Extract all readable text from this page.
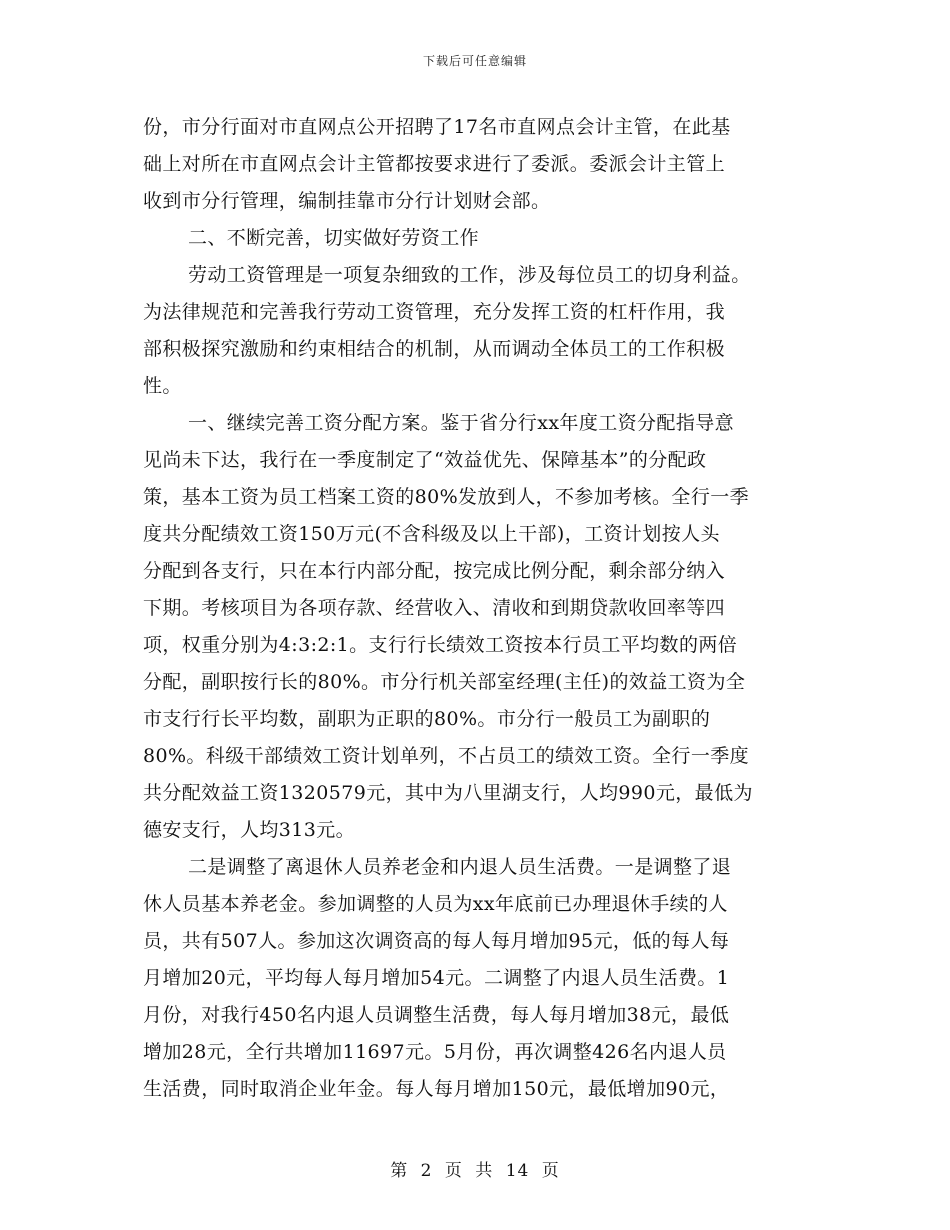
下载后可任意编辑
份，市分行面对市直网点公开招聘了17名市直网点会计主管，在此基
础上对所在市直网点会计主管都按要求进行了委派。委派会计主管上
收到市分行管理，编制挂靠市分行计划财会部。
二、不断完善，切实做好劳资工作
劳动工资管理是一项复杂细致的工作，涉及每位员工的切身利益。
为法律规范和完善我行劳动工资管理，充分发挥工资的杠杆作用，我
部积极探究激励和约束相结合的机制，从而调动全体员工的工作积极
性。
一、继续完善工资分配方案。鉴于省分行xx年度工资分配指导意
见尚未下达，我行在一季度制定了“效益优先、保障基本”的分配政
策，基本工资为员工档案工资的80%发放到人，不参加考核。全行一季
度共分配绩效工资150万元(不含科级及以上干部)，工资计划按人头
分配到各支行，只在本行内部分配，按完成比例分配，剩余部分纳入
下期。考核项目为各项存款、经营收入、清收和到期贷款收回率等四
项，权重分别为4:3:2:1。支行行长绩效工资按本行员工平均数的两倍
分配，副职按行长的80%。市分行机关部室经理(主任)的效益工资为全
市支行行长平均数，副职为正职的80%。市分行一般员工为副职的
80%。科级干部绩效工资计划单列，不占员工的绩效工资。全行一季度
共分配效益工资1320579元，其中为八里湖支行，人均990元，最低为
德安支行，人均313元。
二是调整了离退休人员养老金和内退人员生活费。一是调整了退
休人员基本养老金。参加调整的人员为xx年底前已办理退休手续的人
员，共有507人。参加这次调资高的每人每月增加95元，低的每人每
月增加20元，平均每人每月增加54元。二调整了内退人员生活费。1
月份，对我行450名内退人员调整生活费，每人每月增加38元，最低
增加28元，全行共增加11697元。5月份，再次调整426名内退人员
生活费，同时取消企业年金。每人每月增加150元，最低增加90元，
第 2 页 共 14 页
